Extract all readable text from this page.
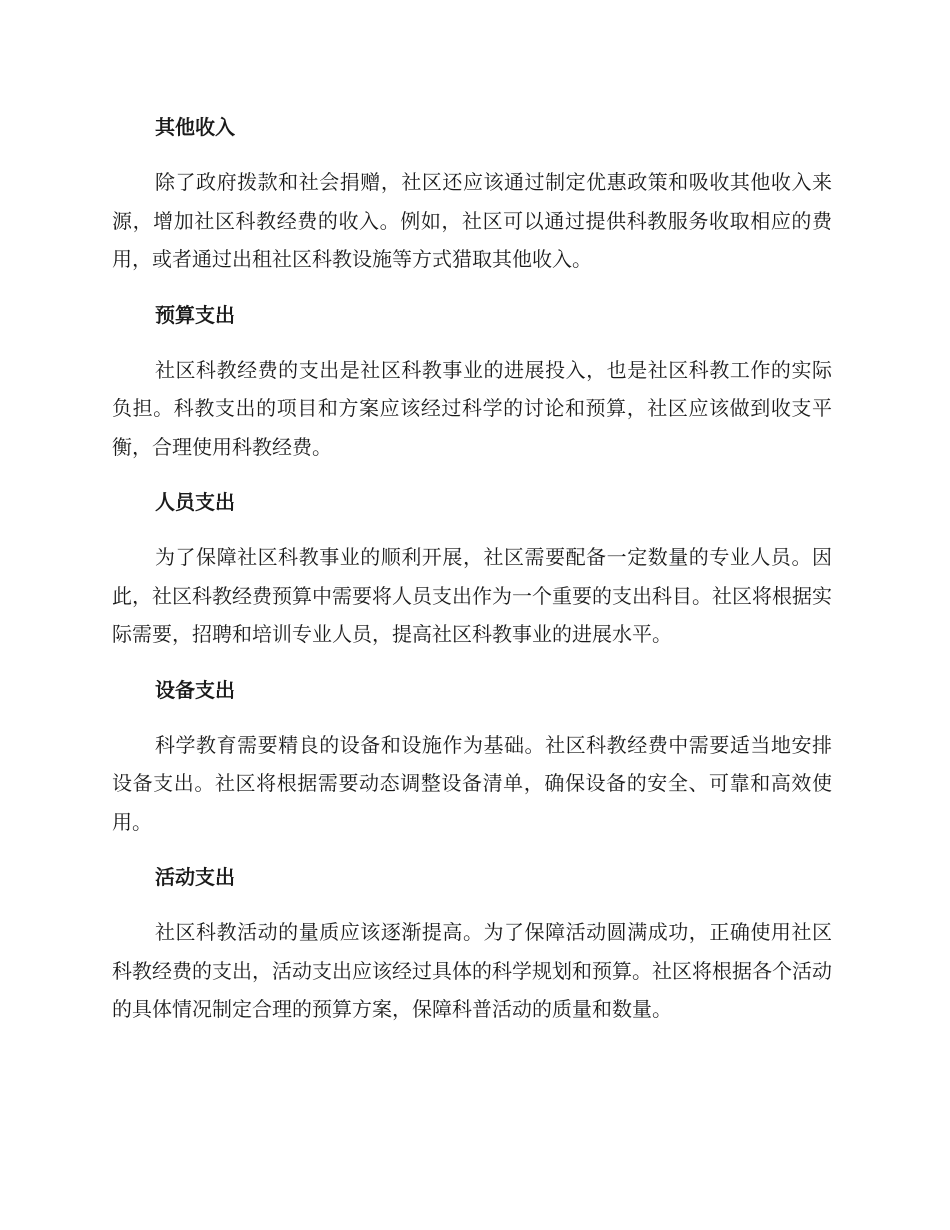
其他收入

除了政府拨款和社会捐赠，社区还应该通过制定优惠政策和吸收其他收入来源，增加社区科教经费的收入。例如，社区可以通过提供科教服务收取相应的费用，或者通过出租社区科教设施等方式猎取其他收入。

预算支出

社区科教经费的支出是社区科教事业的进展投入，也是社区科教工作的实际负担。科教支出的项目和方案应该经过科学的讨论和预算，社区应该做到收支平衡，合理使用科教经费。

人员支出

为了保障社区科教事业的顺利开展，社区需要配备一定数量的专业人员。因此，社区科教经费预算中需要将人员支出作为一个重要的支出科目。社区将根据实际需要，招聘和培训专业人员，提高社区科教事业的进展水平。

设备支出

科学教育需要精良的设备和设施作为基础。社区科教经费中需要适当地安排设备支出。社区将根据需要动态调整设备清单，确保设备的安全、可靠和高效使用。

活动支出

社区科教活动的量质应该逐渐提高。为了保障活动圆满成功，正确使用社区科教经费的支出，活动支出应该经过具体的科学规划和预算。社区将根据各个活动的具体情况制定合理的预算方案，保障科普活动的质量和数量。
